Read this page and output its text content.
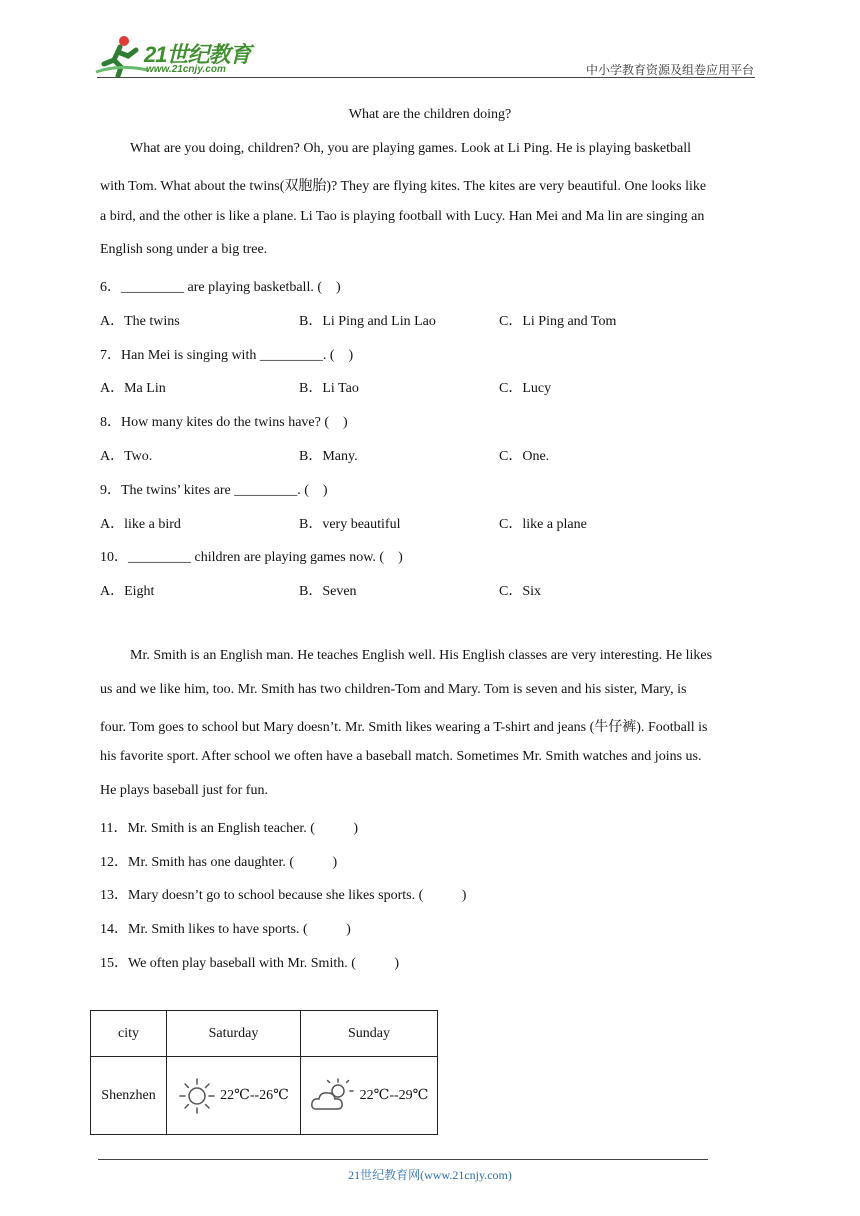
21世纪教育
www.21cnjy.com	中小学教育资源及组卷应用平台
What are the children doing?
What are you doing, children? Oh, you are playing games. Look at Li Ping. He is playing basketball
with Tom. What about the twins(双胞胎)? They are flying kites. The kites are very beautiful. One looks like
a bird, and the other is like a plane. Li Tao is playing football with Lucy. Han Mei and Ma lin are singing an
English song under a big tree.
6．_________ are playing basketball. (    )
A．The twins	B．Li Ping and Lin Lao	C．Li Ping and Tom
7．Han Mei is singing with _________. (    )
A．Ma Lin	B．Li Tao	C．Lucy
8．How many kites do the twins have? (    )
A．Two.	B．Many.	C．One.
9．The twins’ kites are _________. (    )
A．like a bird	B．very beautiful	C．like a plane
10．_________ children are playing games now. (    )
A．Eight	B．Seven	C．Six
Mr. Smith is an English man. He teaches English well. His English classes are very interesting. He likes
us and we like him, too. Mr. Smith has two children-Tom and Mary. Tom is seven and his sister, Mary, is
four. Tom goes to school but Mary doesn’t. Mr. Smith likes wearing a T-shirt and jeans (牛仔裤). Football is
his favorite sport. After school we often have a baseball match. Sometimes Mr. Smith watches and joins us.
He plays baseball just for fun.
11．Mr. Smith is an English teacher. (           )
12．Mr. Smith has one daughter. (           )
13．Mary doesn’t go to school because she likes sports. (           )
14．Mr. Smith likes to have sports. (           )
15．We often play baseball with Mr. Smith. (           )
city	Saturday	Sunday
Shenzhen	22℃--26℃	22℃--29℃
21世纪教育网(www.21cnjy.com)
